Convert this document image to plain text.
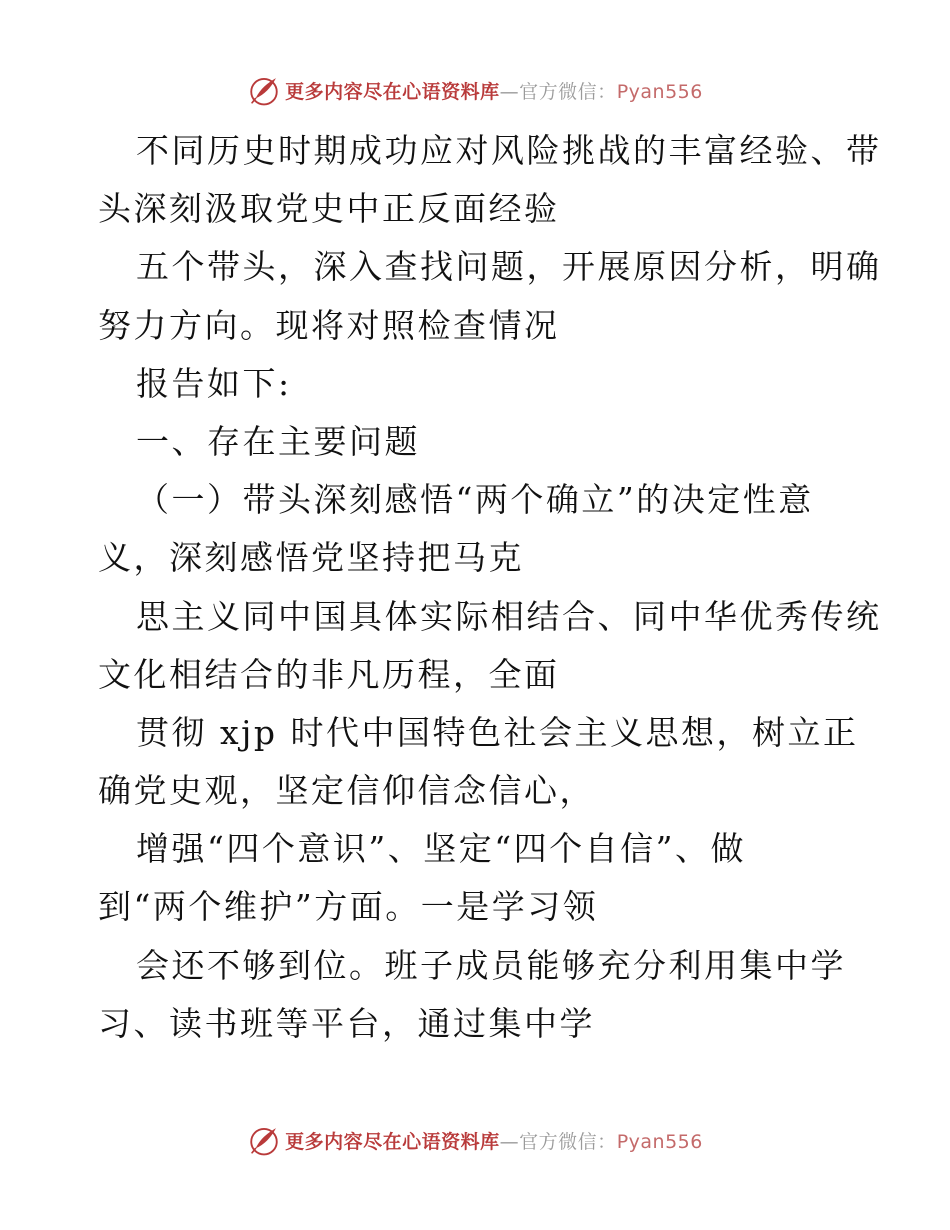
更多内容尽在心语资料库—官方微信：Pyan556
不同历史时期成功应对风险挑战的丰富经验、带
头深刻汲取党史中正反面经验
五个带头，深入查找问题，开展原因分析，明确
努力方向。现将对照检查情况
报告如下:
一、存在主要问题
（一）带头深刻感悟“两个确立”的决定性意
义，深刻感悟党坚持把马克
思主义同中国具体实际相结合、同中华优秀传统
文化相结合的非凡历程，全面
贯彻 xjp 时代中国特色社会主义思想，树立正
确党史观，坚定信仰信念信心，
增强“四个意识”、坚定“四个自信”、做
到“两个维护”方面。一是学习领
会还不够到位。班子成员能够充分利用集中学
习、读书班等平台，通过集中学
更多内容尽在心语资料库—官方微信：Pyan556
